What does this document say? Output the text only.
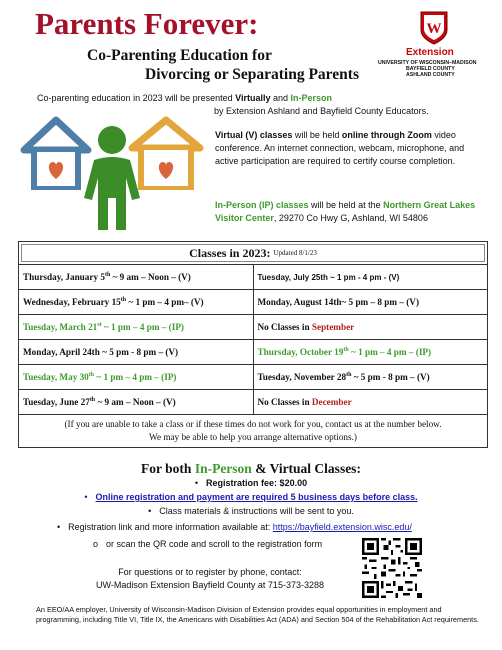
Parents Forever:
Co-Parenting Education for
Divorcing or Separating Parents
W
Extension
UNIVERSITY OF WISCONSIN–MADISON
BAYFIELD COUNTY
ASHLAND COUNTY
Co-parenting education in 2023 will be presented Virtually and In-Person
by Extension Ashland and Bayfield County Educators.
Virtual (V) classes will be held online through Zoom video conference. An internet connection, webcam, microphone, and active participation are required to certify course completion.
In-Person (IP) classes will be held at the Northern Great Lakes Visitor Center, 29270 Co Hwy G, Ashland, WI 54806
Classes in 2023: Updated 8/1/23	

Thursday, January 5th ~ 9 am – Noon – (V)	Tuesday, July 25th ~ 1 pm - 4 pm - (V)
Wednesday, February 15th ~ 1 pm – 4 pm– (V)	Monday, August 14th~ 5 pm – 8 pm – (V)
Tuesday, March 21st ~ 1 pm – 4 pm – (IP)	No Classes in September
Monday, April 24th ~ 5 pm - 8 pm – (V)	Thursday, October 19th ~ 1 pm – 4 pm – (IP)
Tuesday, May 30th ~ 1 pm – 4 pm – (IP)	Tuesday, November 28th ~ 5 pm - 8 pm – (V)
Tuesday, June 27th ~ 9 am – Noon – (V)	No Classes in December

(If you are unable to take a class or if these times do not work for you, contact us at the number below.
We may be able to help you arrange alternative options.)	
For both In-Person & Virtual Classes:
• Registration fee: $20.00
• Online registration and payment are required 5 business days before class.
• Class materials & instructions will be sent to you.
• Registration link and more information available at: https://bayfield.extension.wisc.edu/
o or scan the QR code and scroll to the registration form
For questions or to register by phone, contact:
UW-Madison Extension Bayfield County at 715-373-3288
An EEO/AA employer, University of Wisconsin-Madison Division of Extension provides equal opportunities in employment and programming, including Title VI, Title IX, the Americans with Disabilities Act (ADA) and Section 504 of the Rehabilitation Act requirements.
